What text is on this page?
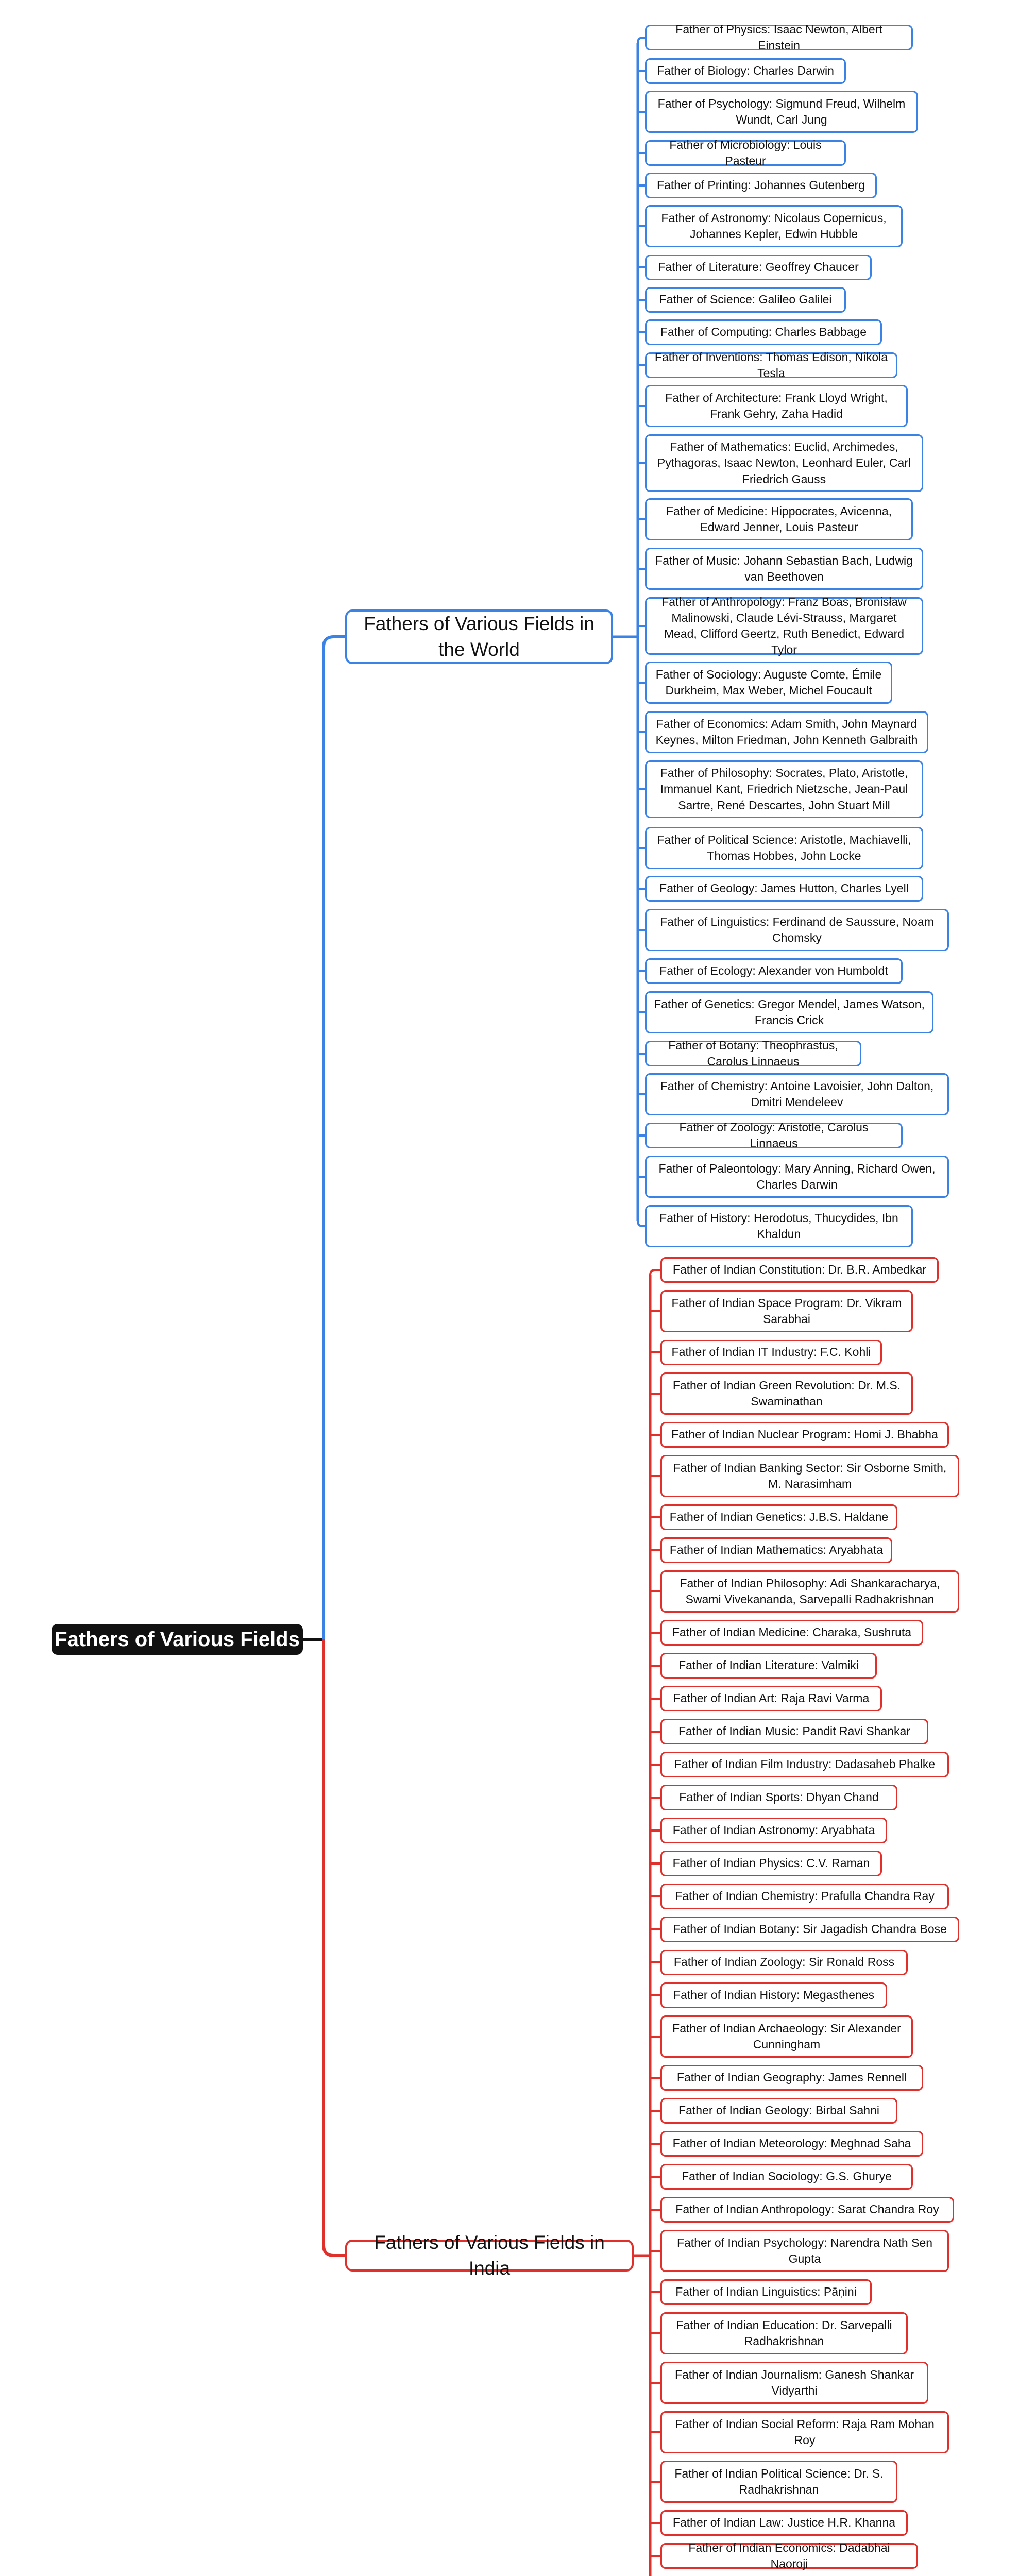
Fathers of Various Fields
Fathers of Various Fields in the World
Fathers of Various Fields in India
Father of Physics: Isaac Newton, Albert Einstein
Father of Biology: Charles Darwin
Father of Psychology: Sigmund Freud, Wilhelm Wundt, Carl Jung
Father of Microbiology: Louis Pasteur
Father of Printing: Johannes Gutenberg
Father of Astronomy: Nicolaus Copernicus, Johannes Kepler, Edwin Hubble
Father of Literature: Geoffrey Chaucer
Father of Science: Galileo Galilei
Father of Computing: Charles Babbage
Father of Inventions: Thomas Edison, Nikola Tesla
Father of Architecture: Frank Lloyd Wright, Frank Gehry, Zaha Hadid
Father of Mathematics: Euclid, Archimedes, Pythagoras, Isaac Newton, Leonhard Euler, Carl Friedrich Gauss
Father of Medicine: Hippocrates, Avicenna, Edward Jenner, Louis Pasteur
Father of Music: Johann Sebastian Bach, Ludwig van Beethoven
Father of Anthropology: Franz Boas, Bronisław Malinowski, Claude Lévi-Strauss, Margaret Mead, Clifford Geertz, Ruth Benedict, Edward Tylor
Father of Sociology: Auguste Comte, Émile Durkheim, Max Weber, Michel Foucault
Father of Economics: Adam Smith, John Maynard Keynes, Milton Friedman, John Kenneth Galbraith
Father of Philosophy: Socrates, Plato, Aristotle, Immanuel Kant, Friedrich Nietzsche, Jean-Paul Sartre, René Descartes, John Stuart Mill
Father of Political Science: Aristotle, Machiavelli, Thomas Hobbes, John Locke
Father of Geology: James Hutton, Charles Lyell
Father of Linguistics: Ferdinand de Saussure, Noam Chomsky
Father of Ecology: Alexander von Humboldt
Father of Genetics: Gregor Mendel, James Watson, Francis Crick
Father of Botany: Theophrastus, Carolus Linnaeus
Father of Chemistry: Antoine Lavoisier, John Dalton, Dmitri Mendeleev
Father of Zoology: Aristotle, Carolus Linnaeus
Father of Paleontology: Mary Anning, Richard Owen, Charles Darwin
Father of History: Herodotus, Thucydides, Ibn Khaldun
Father of Indian Constitution: Dr. B.R. Ambedkar
Father of Indian Space Program: Dr. Vikram Sarabhai
Father of Indian IT Industry: F.C. Kohli
Father of Indian Green Revolution: Dr. M.S. Swaminathan
Father of Indian Nuclear Program: Homi J. Bhabha
Father of Indian Banking Sector: Sir Osborne Smith, M. Narasimham
Father of Indian Genetics: J.B.S. Haldane
Father of Indian Mathematics: Aryabhata
Father of Indian Philosophy: Adi Shankaracharya, Swami Vivekananda, Sarvepalli Radhakrishnan
Father of Indian Medicine: Charaka, Sushruta
Father of Indian Literature: Valmiki
Father of Indian Art: Raja Ravi Varma
Father of Indian Music: Pandit Ravi Shankar
Father of Indian Film Industry: Dadasaheb Phalke
Father of Indian Sports: Dhyan Chand
Father of Indian Astronomy: Aryabhata
Father of Indian Physics: C.V. Raman
Father of Indian Chemistry: Prafulla Chandra Ray
Father of Indian Botany: Sir Jagadish Chandra Bose
Father of Indian Zoology: Sir Ronald Ross
Father of Indian History: Megasthenes
Father of Indian Archaeology: Sir Alexander Cunningham
Father of Indian Geography: James Rennell
Father of Indian Geology: Birbal Sahni
Father of Indian Meteorology: Meghnad Saha
Father of Indian Sociology: G.S. Ghurye
Father of Indian Anthropology: Sarat Chandra Roy
Father of Indian Psychology: Narendra Nath Sen Gupta
Father of Indian Linguistics: Pāṇini
Father of Indian Education: Dr. Sarvepalli Radhakrishnan
Father of Indian Journalism: Ganesh Shankar Vidyarthi
Father of Indian Social Reform: Raja Ram Mohan Roy
Father of Indian Political Science: Dr. S. Radhakrishnan
Father of Indian Law: Justice H.R. Khanna
Father of Indian Economics: Dadabhai Naoroji
